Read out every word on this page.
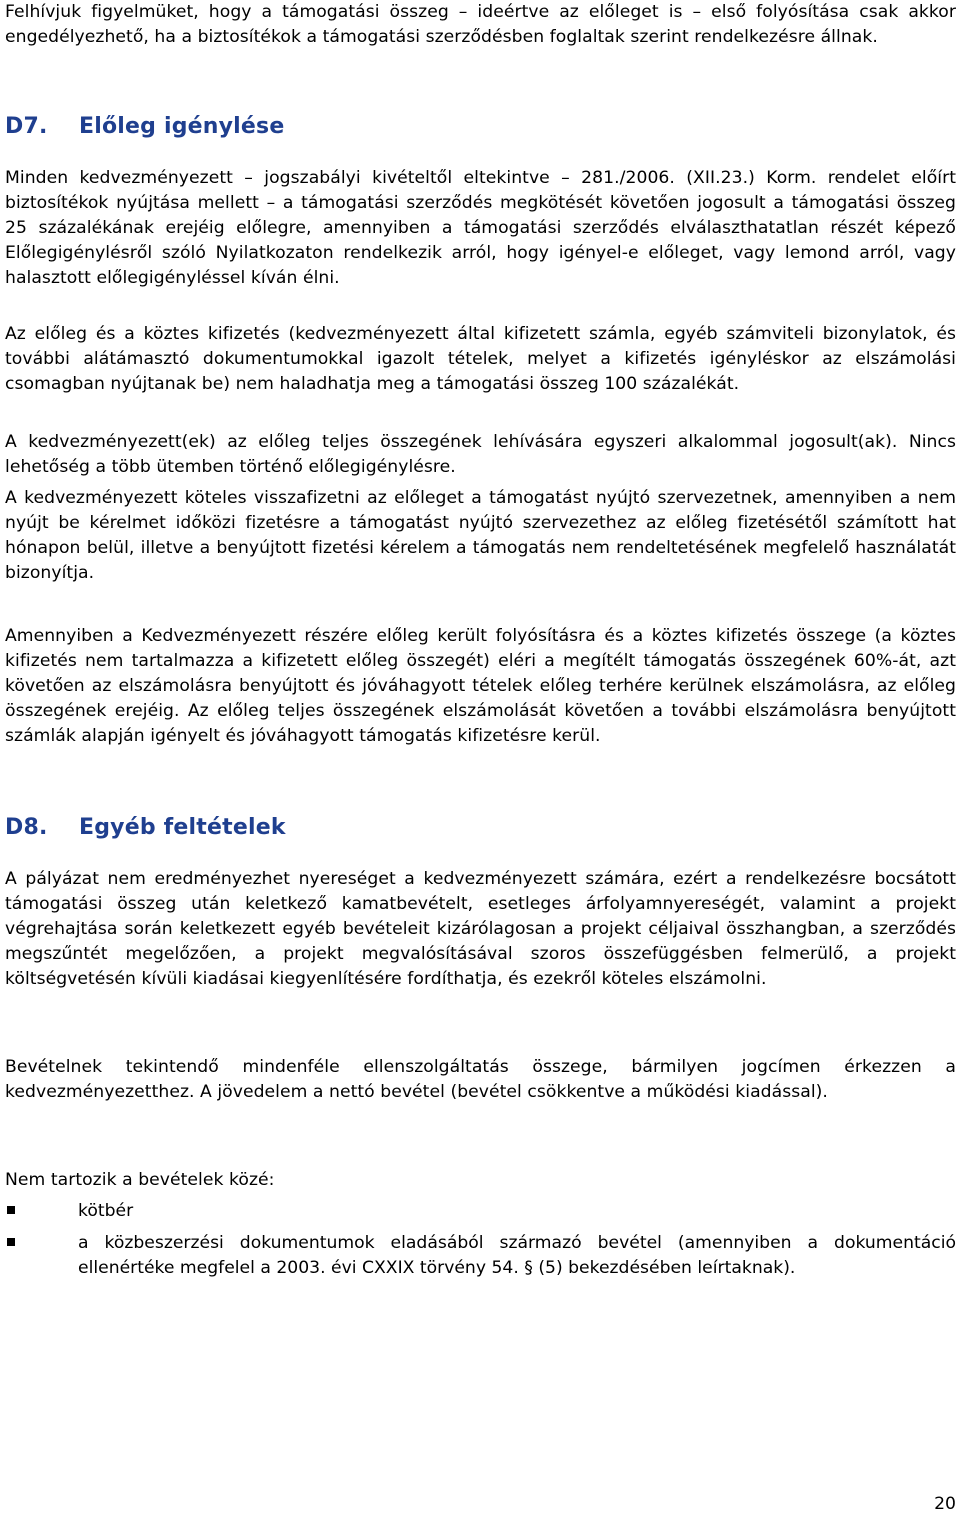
Felhívjuk figyelmüket, hogy a támogatási összeg – ideértve az előleget is – első folyósítása csak akkor engedélyezhető, ha a biztosítékok a támogatási szerződésben foglaltak szerint rendelkezésre állnak.

D7. Előleg igénylése

Minden kedvezményezett – jogszabályi kivételtől eltekintve – 281./2006. (XII.23.) Korm. rendelet előírt biztosítékok nyújtása mellett – a támogatási szerződés megkötését követően jogosult a támogatási összeg 25 százalékának erejéig előlegre, amennyiben a támogatási szerződés elválaszthatatlan részét képező Előlegigénylésről szóló Nyilatkozaton rendelkezik arról, hogy igényel-e előleget, vagy lemond arról, vagy halasztott előlegigényléssel kíván élni.

Az előleg és a köztes kifizetés (kedvezményezett által kifizetett számla, egyéb számviteli bizonylatok, és további alátámasztó dokumentumokkal igazolt tételek, melyet a kifizetés igényléskor az elszámolási csomagban nyújtanak be) nem haladhatja meg a támogatási összeg 100 százalékát.

A kedvezményezett(ek) az előleg teljes összegének lehívására egyszeri alkalommal jogosult(ak). Nincs lehetőség a több ütemben történő előlegigénylésre.

A kedvezményezett köteles visszafizetni az előleget a támogatást nyújtó szervezetnek, amennyiben a nem nyújt be kérelmet időközi fizetésre a támogatást nyújtó szervezethez az előleg fizetésétől számított hat hónapon belül, illetve a benyújtott fizetési kérelem a támogatás nem rendeltetésének megfelelő használatát bizonyítja.

Amennyiben a Kedvezményezett részére előleg került folyósításra és a köztes kifizetés összege (a köztes kifizetés nem tartalmazza a kifizetett előleg összegét) eléri a megítélt támogatás összegének 60%-át, azt követően az elszámolásra benyújtott és jóváhagyott tételek előleg terhére kerülnek elszámolásra, az előleg összegének erejéig. Az előleg teljes összegének elszámolását követően a további elszámolásra benyújtott számlák alapján igényelt és jóváhagyott támogatás kifizetésre kerül.

D8. Egyéb feltételek

A pályázat nem eredményezhet nyereséget a kedvezményezett számára, ezért a rendelkezésre bocsátott támogatási összeg után keletkező kamatbevételt, esetleges árfolyamnyereségét, valamint a projekt végrehajtása során keletkezett egyéb bevételeit kizárólagosan a projekt céljaival összhangban, a szerződés megszűntét megelőzően, a projekt megvalósításával szoros összefüggésben felmerülő, a projekt költségvetésén kívüli kiadásai kiegyenlítésére fordíthatja, és ezekről köteles elszámolni.

Bevételnek tekintendő mindenféle ellenszolgáltatás összege, bármilyen jogcímen érkezzen a kedvezményezetthez. A jövedelem a nettó bevétel (bevétel csökkentve a működési kiadással).

Nem tartozik a bevételek közé:

kötbér
a közbeszerzési dokumentumok eladásából származó bevétel (amennyiben a dokumentáció ellenértéke megfelel a 2003. évi CXXIX törvény 54. § (5) bekezdésében leírtaknak).
20
